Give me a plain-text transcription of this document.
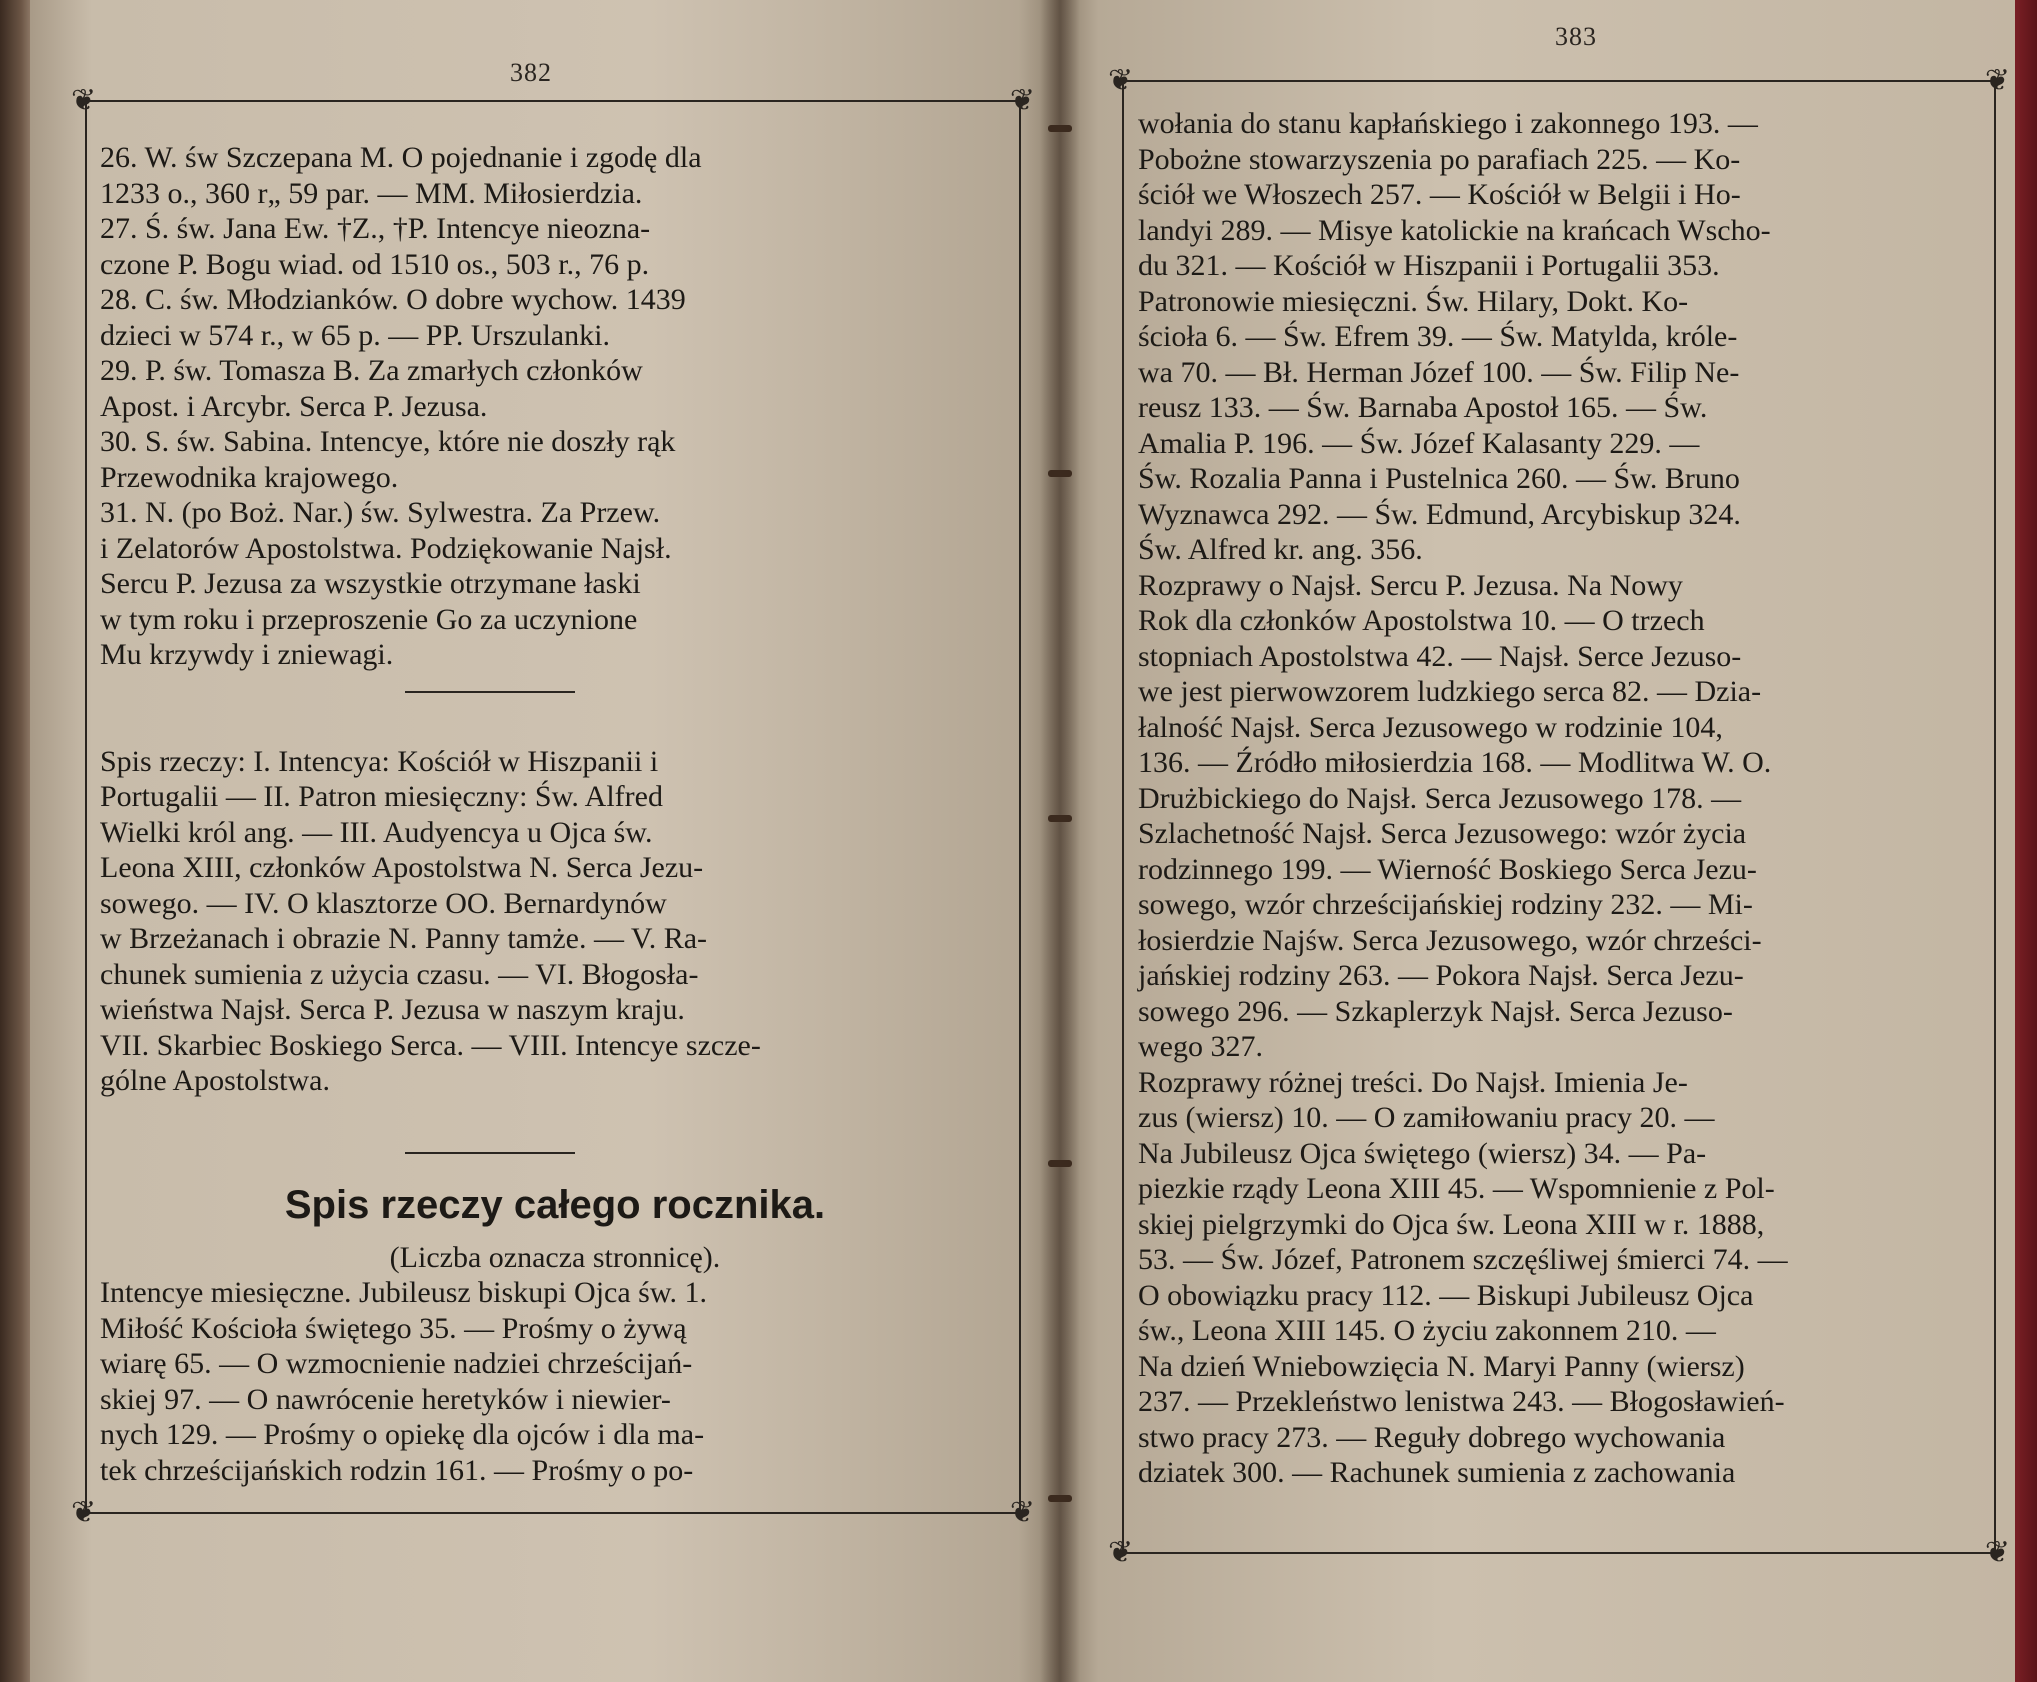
382
❦	❦
❦	❦
26. W. św Szczepana M. O pojednanie i zgodę dla
1233 o., 360 r„ 59 par. — MM. Miłosierdzia.
27. Ś. św. Jana Ew. †Z., †P. Intencye nieozna-
czone P. Bogu wiad. od 1510 os., 503 r., 76 p.
28. C. św. Młodzianków. O dobre wychow. 1439
dzieci w 574 r., w 65 p. — PP. Urszulanki.
29. P. św. Tomasza B. Za zmarłych członków
Apost. i Arcybr. Serca P. Jezusa.
30. S. św. Sabina. Intencye, które nie doszły rąk
Przewodnika krajowego.
31. N. (po Boż. Nar.) św. Sylwestra. Za Przew.
i Zelatorów Apostolstwa. Podziękowanie Najsł.
Sercu P. Jezusa za wszystkie otrzymane łaski
w tym roku i przeproszenie Go za uczynione
Mu krzywdy i zniewagi.
Spis rzeczy: I. Intencya: Kościół w Hiszpanii i
Portugalii — II. Patron miesięczny: Św. Alfred
Wielki król ang. — III. Audyencya u Ojca św.
Leona XIII, członków Apostolstwa N. Serca Jezu-
sowego. — IV. O klasztorze OO. Bernardynów
w Brzeżanach i obrazie N. Panny tamże. — V. Ra-
chunek sumienia z użycia czasu. — VI. Błogosła-
wieństwa Najsł. Serca P. Jezusa w naszym kraju.
VII. Skarbiec Boskiego Serca. — VIII. Intencye szcze-
gólne Apostolstwa.
Spis rzeczy całego rocznika.
(Liczba oznacza stronnicę).
Intencye miesięczne. Jubileusz biskupi Ojca św. 1.
Miłość Kościoła świętego 35. — Prośmy o żywą
wiarę 65. — O wzmocnienie nadziei chrześcijań-
skiej 97. — O nawrócenie heretyków i niewier-
nych 129. — Prośmy o opiekę dla ojców i dla ma-
tek chrześcijańskich rodzin 161. — Prośmy o po-
383
❦	❦
❦	❦
wołania do stanu kapłańskiego i zakonnego 193. —
Pobożne stowarzyszenia po parafiach 225. — Ko-
ściół we Włoszech 257. — Kościół w Belgii i Ho-
landyi 289. — Misye katolickie na krańcach Wscho-
du 321. — Kościół w Hiszpanii i Portugalii 353.
Patronowie miesięczni. Św. Hilary, Dokt. Ko-
ścioła 6. — Św. Efrem 39. — Św. Matylda, króle-
wa 70. — Bł. Herman Józef 100. — Św. Filip Ne-
reusz 133. — Św. Barnaba Apostoł 165. — Św.
Amalia P. 196. — Św. Józef Kalasanty 229. —
Św. Rozalia Panna i Pustelnica 260. — Św. Bruno
Wyznawca 292. — Św. Edmund, Arcybiskup 324.
Św. Alfred kr. ang. 356.
Rozprawy o Najsł. Sercu P. Jezusa. Na Nowy
Rok dla członków Apostolstwa 10. — O trzech
stopniach Apostolstwa 42. — Najsł. Serce Jezuso-
we jest pierwowzorem ludzkiego serca 82. — Dzia-
łalność Najsł. Serca Jezusowego w rodzinie 104,
136. — Źródło miłosierdzia 168. — Modlitwa W. O.
Drużbickiego do Najsł. Serca Jezusowego 178. —
Szlachetność Najsł. Serca Jezusowego: wzór życia
rodzinnego 199. — Wierność Boskiego Serca Jezu-
sowego, wzór chrześcijańskiej rodziny 232. — Mi-
łosierdzie Najśw. Serca Jezusowego, wzór chrześci-
jańskiej rodziny 263. — Pokora Najsł. Serca Jezu-
sowego 296. — Szkaplerzyk Najsł. Serca Jezuso-
wego 327.
Rozprawy różnej treści. Do Najsł. Imienia Je-
zus (wiersz) 10. — O zamiłowaniu pracy 20. —
Na Jubileusz Ojca świętego (wiersz) 34. — Pa-
piezkie rządy Leona XIII 45. — Wspomnienie z Pol-
skiej pielgrzymki do Ojca św. Leona XIII w r. 1888,
53. — Św. Józef, Patronem szczęśliwej śmierci 74. —
O obowiązku pracy 112. — Biskupi Jubileusz Ojca
św., Leona XIII 145. O życiu zakonnem 210. —
Na dzień Wniebowzięcia N. Maryi Panny (wiersz)
237. — Przekleństwo lenistwa 243. — Błogosławień-
stwo pracy 273. — Reguły dobrego wychowania
dziatek 300. — Rachunek sumienia z zachowania
